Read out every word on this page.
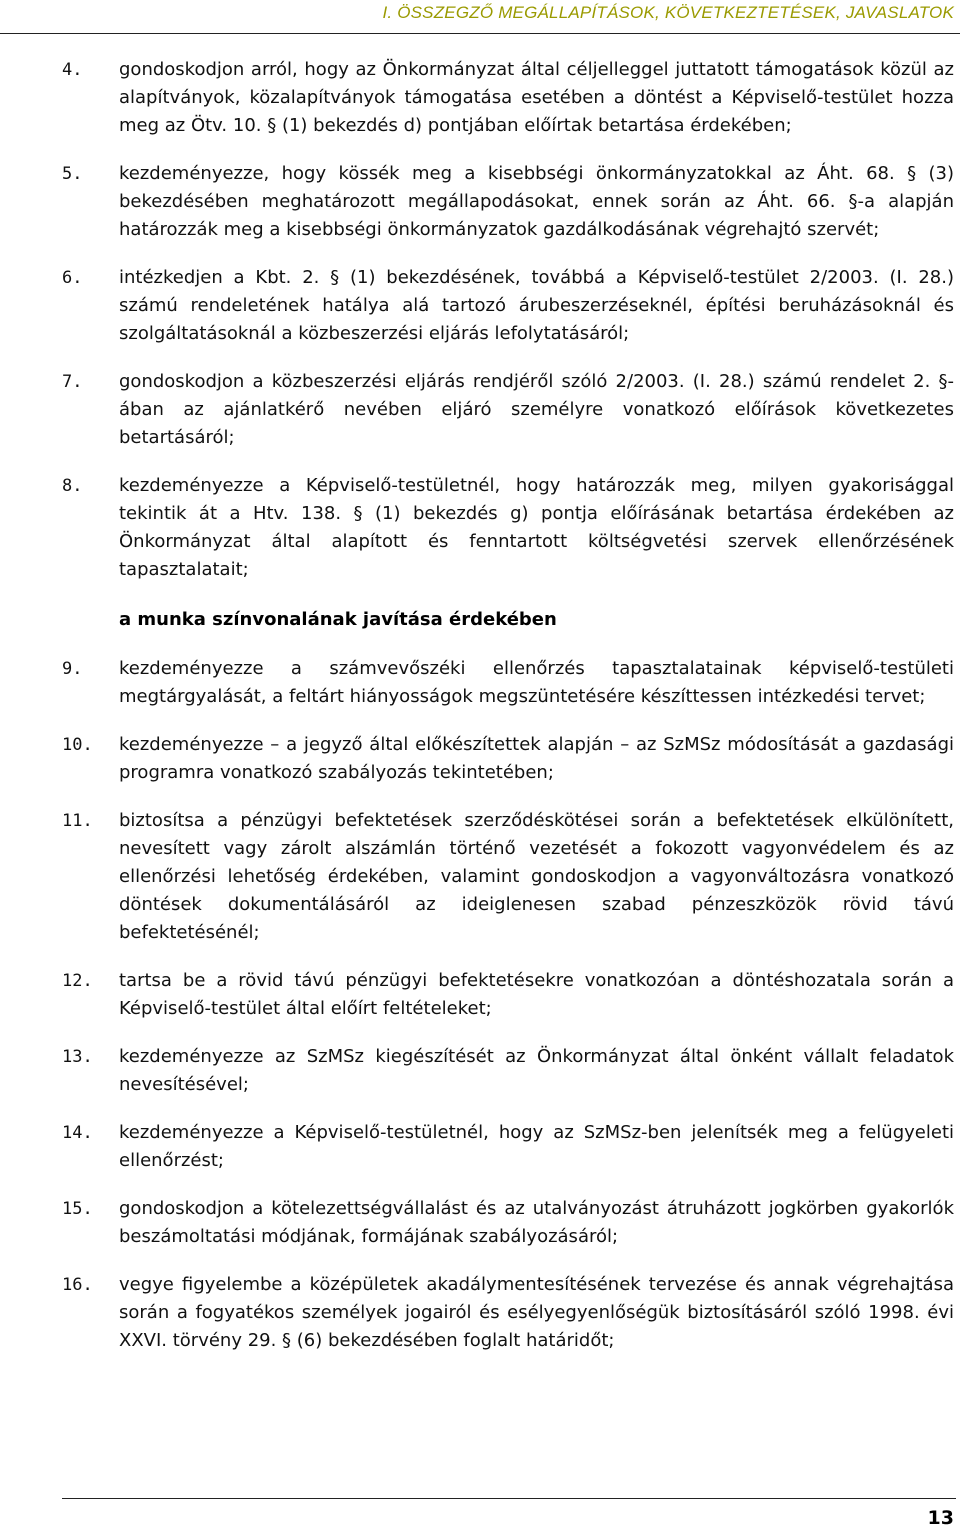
I. ÖSSZEGZŐ MEGÁLLAPÍTÁSOK, KÖVETKEZTETÉSEK, JAVASLATOK
4. gondoskodjon arról, hogy az Önkormányzat által céljelleggel juttatott támogatások közül az alapítványok, közalapítványok támogatása esetében a döntést a Képviselő-testület hozza meg az Ötv. 10. § (1) bekezdés d) pontjában előírtak betartása érdekében;
5. kezdeményezze, hogy kössék meg a kisebbségi önkormányzatokkal az Áht. 68. § (3) bekezdésében meghatározott megállapodásokat, ennek során az Áht. 66. §-a alapján határozzák meg a kisebbségi önkormányzatok gazdálkodásának végrehajtó szervét;
6. intézkedjen a Kbt. 2. § (1) bekezdésének, továbbá a Képviselő-testület 2/2003. (I. 28.) számú rendeletének hatálya alá tartozó árubeszerzéseknél, építési beruházásoknál és szolgáltatásoknál a közbeszerzési eljárás lefolytatásáról;
7. gondoskodjon a közbeszerzési eljárás rendjéről szóló 2/2003. (I. 28.) számú rendelet 2. §-ában az ajánlatkérő nevében eljáró személyre vonatkozó előírások következetes betartásáról;
8. kezdeményezze a Képviselő-testületnél, hogy határozzák meg, milyen gyakorisággal tekintik át a Htv. 138. § (1) bekezdés g) pontja előírásának betartása érdekében az Önkormányzat által alapított és fenntartott költségvetési szervek ellenőrzésének tapasztalatait;
a munka színvonalának javítása érdekében
9. kezdeményezze a számvevőszéki ellenőrzés tapasztalatainak képviselő-testületi megtárgyalását, a feltárt hiányosságok megszüntetésére készíttessen intézkedési tervet;
10. kezdeményezze – a jegyző által előkészítettek alapján – az SzMSz módosítását a gazdasági programra vonatkozó szabályozás tekintetében;
11. biztosítsa a pénzügyi befektetések szerződéskötései során a befektetések elkülönített, nevesített vagy zárolt alszámlán történő vezetését a fokozott vagyonvédelem és az ellenőrzési lehetőség érdekében, valamint gondoskodjon a vagyonváltozásra vonatkozó döntések dokumentálásáról az ideiglenesen szabad pénzeszközök rövid távú befektetésénél;
12. tartsa be a rövid távú pénzügyi befektetésekre vonatkozóan a döntéshozatala során a Képviselő-testület által előírt feltételeket;
13. kezdeményezze az SzMSz kiegészítését az Önkormányzat által önként vállalt feladatok nevesítésével;
14. kezdeményezze a Képviselő-testületnél, hogy az SzMSz-ben jelenítsék meg a felügyeleti ellenőrzést;
15. gondoskodjon a kötelezettségvállalást és az utalványozást átruházott jogkörben gyakorlók beszámoltatási módjának, formájának szabályozásáról;
16. vegye figyelembe a középületek akadálymentesítésének tervezése és annak végrehajtása során a fogyatékos személyek jogairól és esélyegyenlőségük biztosításáról szóló 1998. évi XXVI. törvény 29. § (6) bekezdésében foglalt határidőt;
13
